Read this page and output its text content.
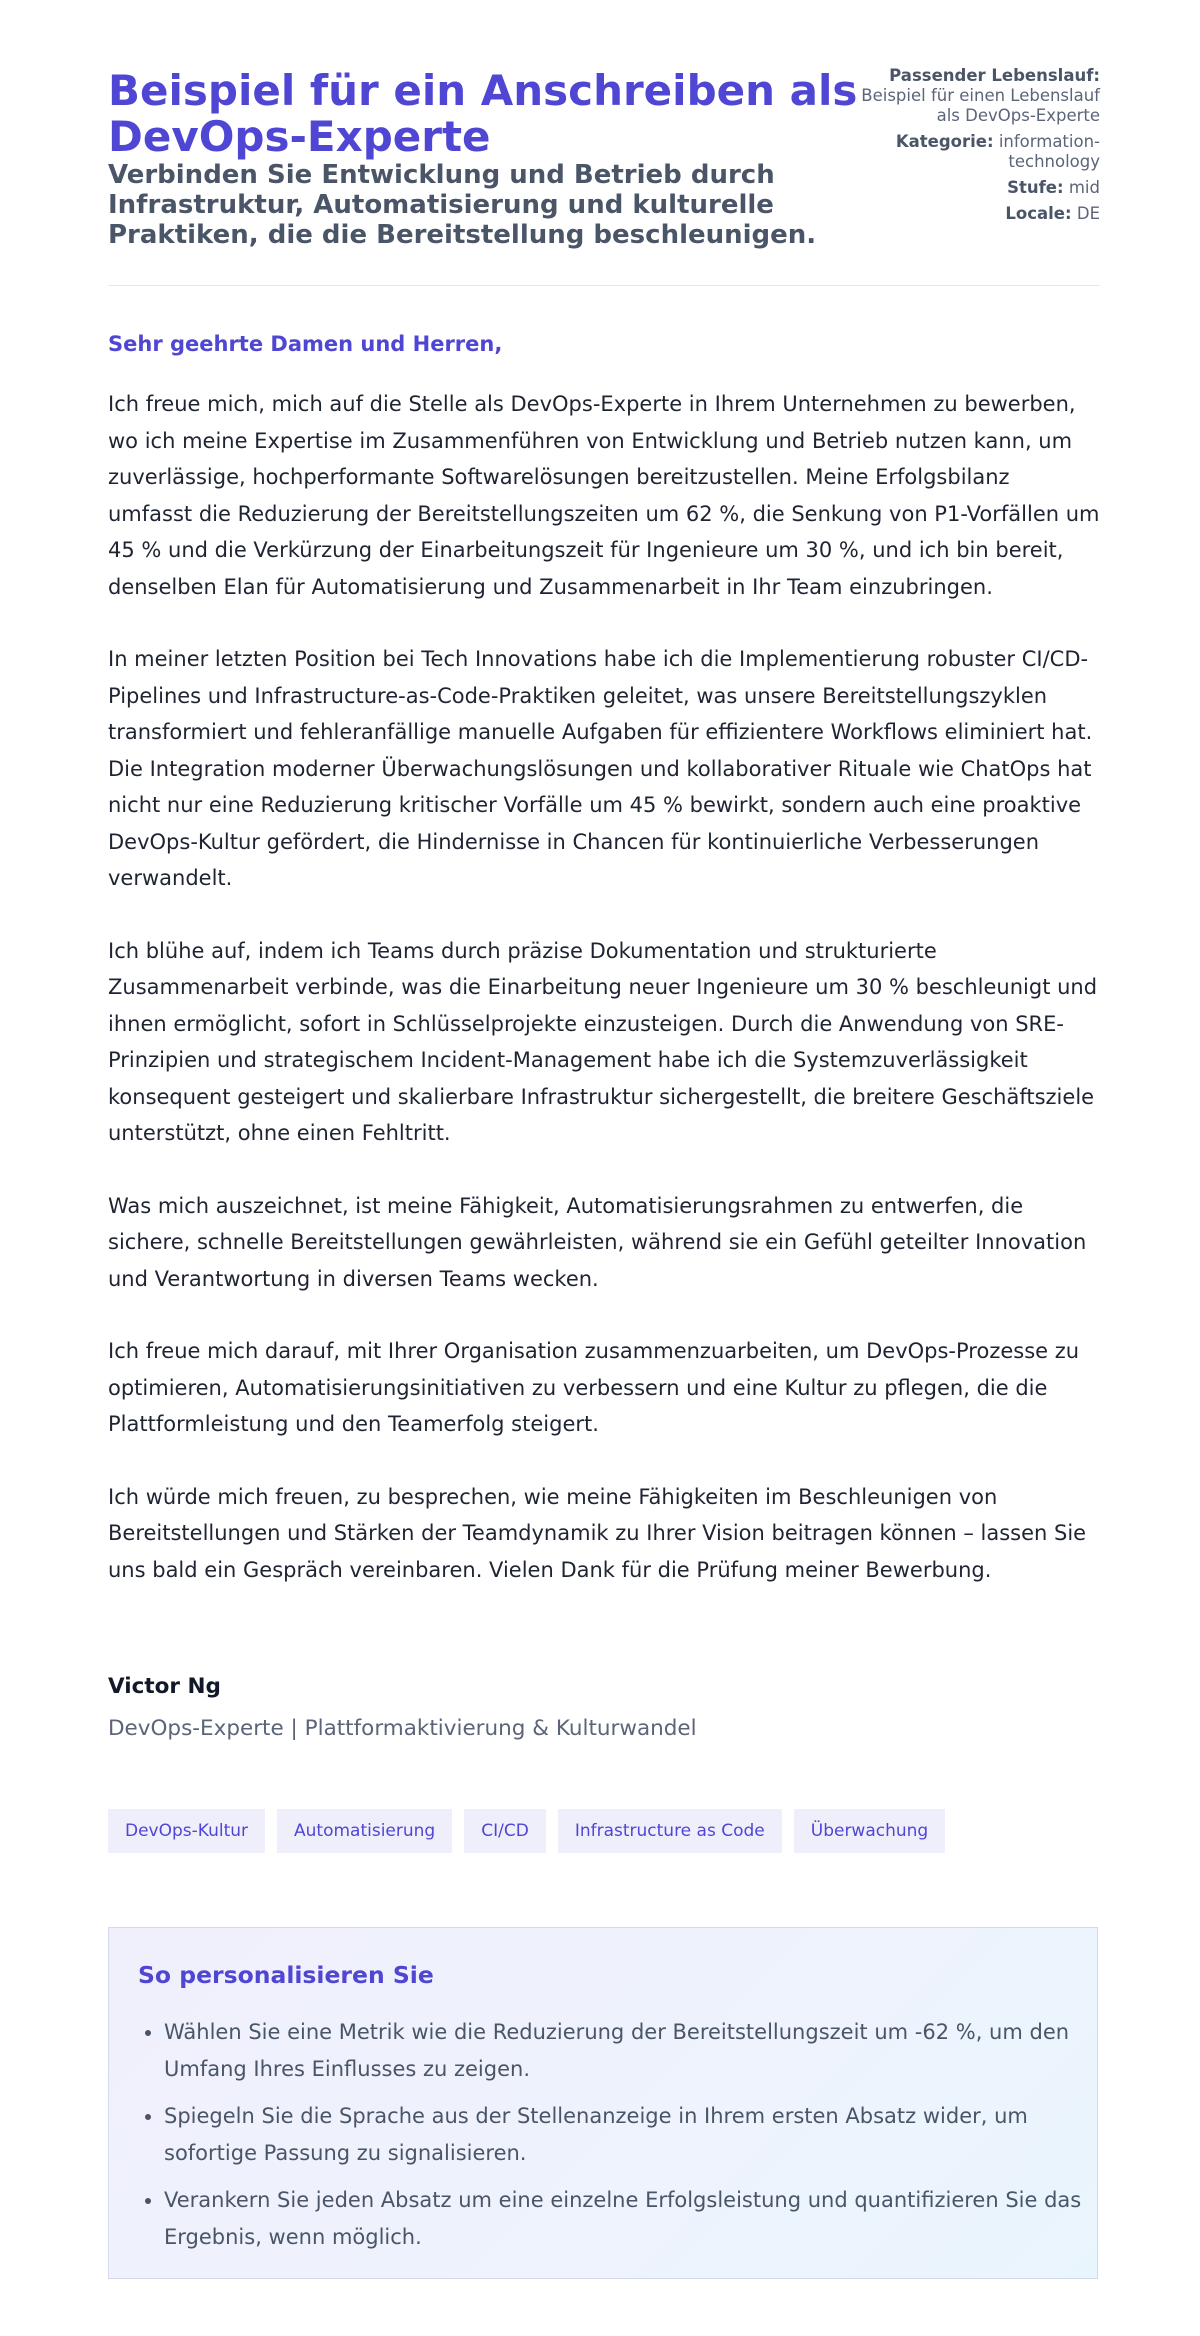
Beispiel für ein Anschreiben als DevOps-Experte
Verbinden Sie Entwicklung und Betrieb durch Infrastruktur, Automatisierung und kulturelle Praktiken, die die Bereitstellung beschleunigen.
Passender Lebenslauf: Beispiel für einen Lebenslauf als DevOps-Experte
Kategorie: information-technology
Stufe: mid
Locale: DE

Sehr geehrte Damen und Herren,

Ich freue mich, mich auf die Stelle als DevOps-Experte in Ihrem Unternehmen zu bewerben, wo ich meine Expertise im Zusammenführen von Entwicklung und Betrieb nutzen kann, um zuverlässige, hochperformante Softwarelösungen bereitzustellen. Meine Erfolgsbilanz umfasst die Reduzierung der Bereitstellungszeiten um 62 %, die Senkung von P1-Vorfällen um 45 % und die Verkürzung der Einarbeitungszeit für Ingenieure um 30 %, und ich bin bereit, denselben Elan für Automatisierung und Zusammenarbeit in Ihr Team einzubringen.

In meiner letzten Position bei Tech Innovations habe ich die Implementierung robuster CI/CD-Pipelines und Infrastructure-as-Code-Praktiken geleitet, was unsere Bereitstellungszyklen transformiert und fehleranfällige manuelle Aufgaben für effizientere Workflows eliminiert hat. Die Integration moderner Überwachungslösungen und kollaborativer Rituale wie ChatOps hat nicht nur eine Reduzierung kritischer Vorfälle um 45 % bewirkt, sondern auch eine proaktive DevOps-Kultur gefördert, die Hindernisse in Chancen für kontinuierliche Verbesserungen verwandelt.

Ich blühe auf, indem ich Teams durch präzise Dokumentation und strukturierte Zusammenarbeit verbinde, was die Einarbeitung neuer Ingenieure um 30 % beschleunigt und ihnen ermöglicht, sofort in Schlüsselprojekte einzusteigen. Durch die Anwendung von SRE-Prinzipien und strategischem Incident-Management habe ich die Systemzuverlässigkeit konsequent gesteigert und skalierbare Infrastruktur sichergestellt, die breitere Geschäftsziele unterstützt, ohne einen Fehltritt.

Was mich auszeichnet, ist meine Fähigkeit, Automatisierungsrahmen zu entwerfen, die sichere, schnelle Bereitstellungen gewährleisten, während sie ein Gefühl geteilter Innovation und Verantwortung in diversen Teams wecken.

Ich freue mich darauf, mit Ihrer Organisation zusammenzuarbeiten, um DevOps-Prozesse zu optimieren, Automatisierungsinitiativen zu verbessern und eine Kultur zu pflegen, die die Plattformleistung und den Teamerfolg steigert.

Ich würde mich freuen, zu besprechen, wie meine Fähigkeiten im Beschleunigen von Bereitstellungen und Stärken der Teamdynamik zu Ihrer Vision beitragen können – lassen Sie uns bald ein Gespräch vereinbaren. Vielen Dank für die Prüfung meiner Bewerbung.

Victor Ng
DevOps-Experte | Plattformaktivierung & Kulturwandel
DevOps-Kultur	Automatisierung	CI/CD	Infrastructure as Code	Überwachung
So personalisieren Sie
• Wählen Sie eine Metrik wie die Reduzierung der Bereitstellungszeit um -62 %, um den Umfang Ihres Einflusses zu zeigen.
• Spiegeln Sie die Sprache aus der Stellenanzeige in Ihrem ersten Absatz wider, um sofortige Passung zu signalisieren.
• Verankern Sie jeden Absatz um eine einzelne Erfolgsleistung und quantifizieren Sie das Ergebnis, wenn möglich.
